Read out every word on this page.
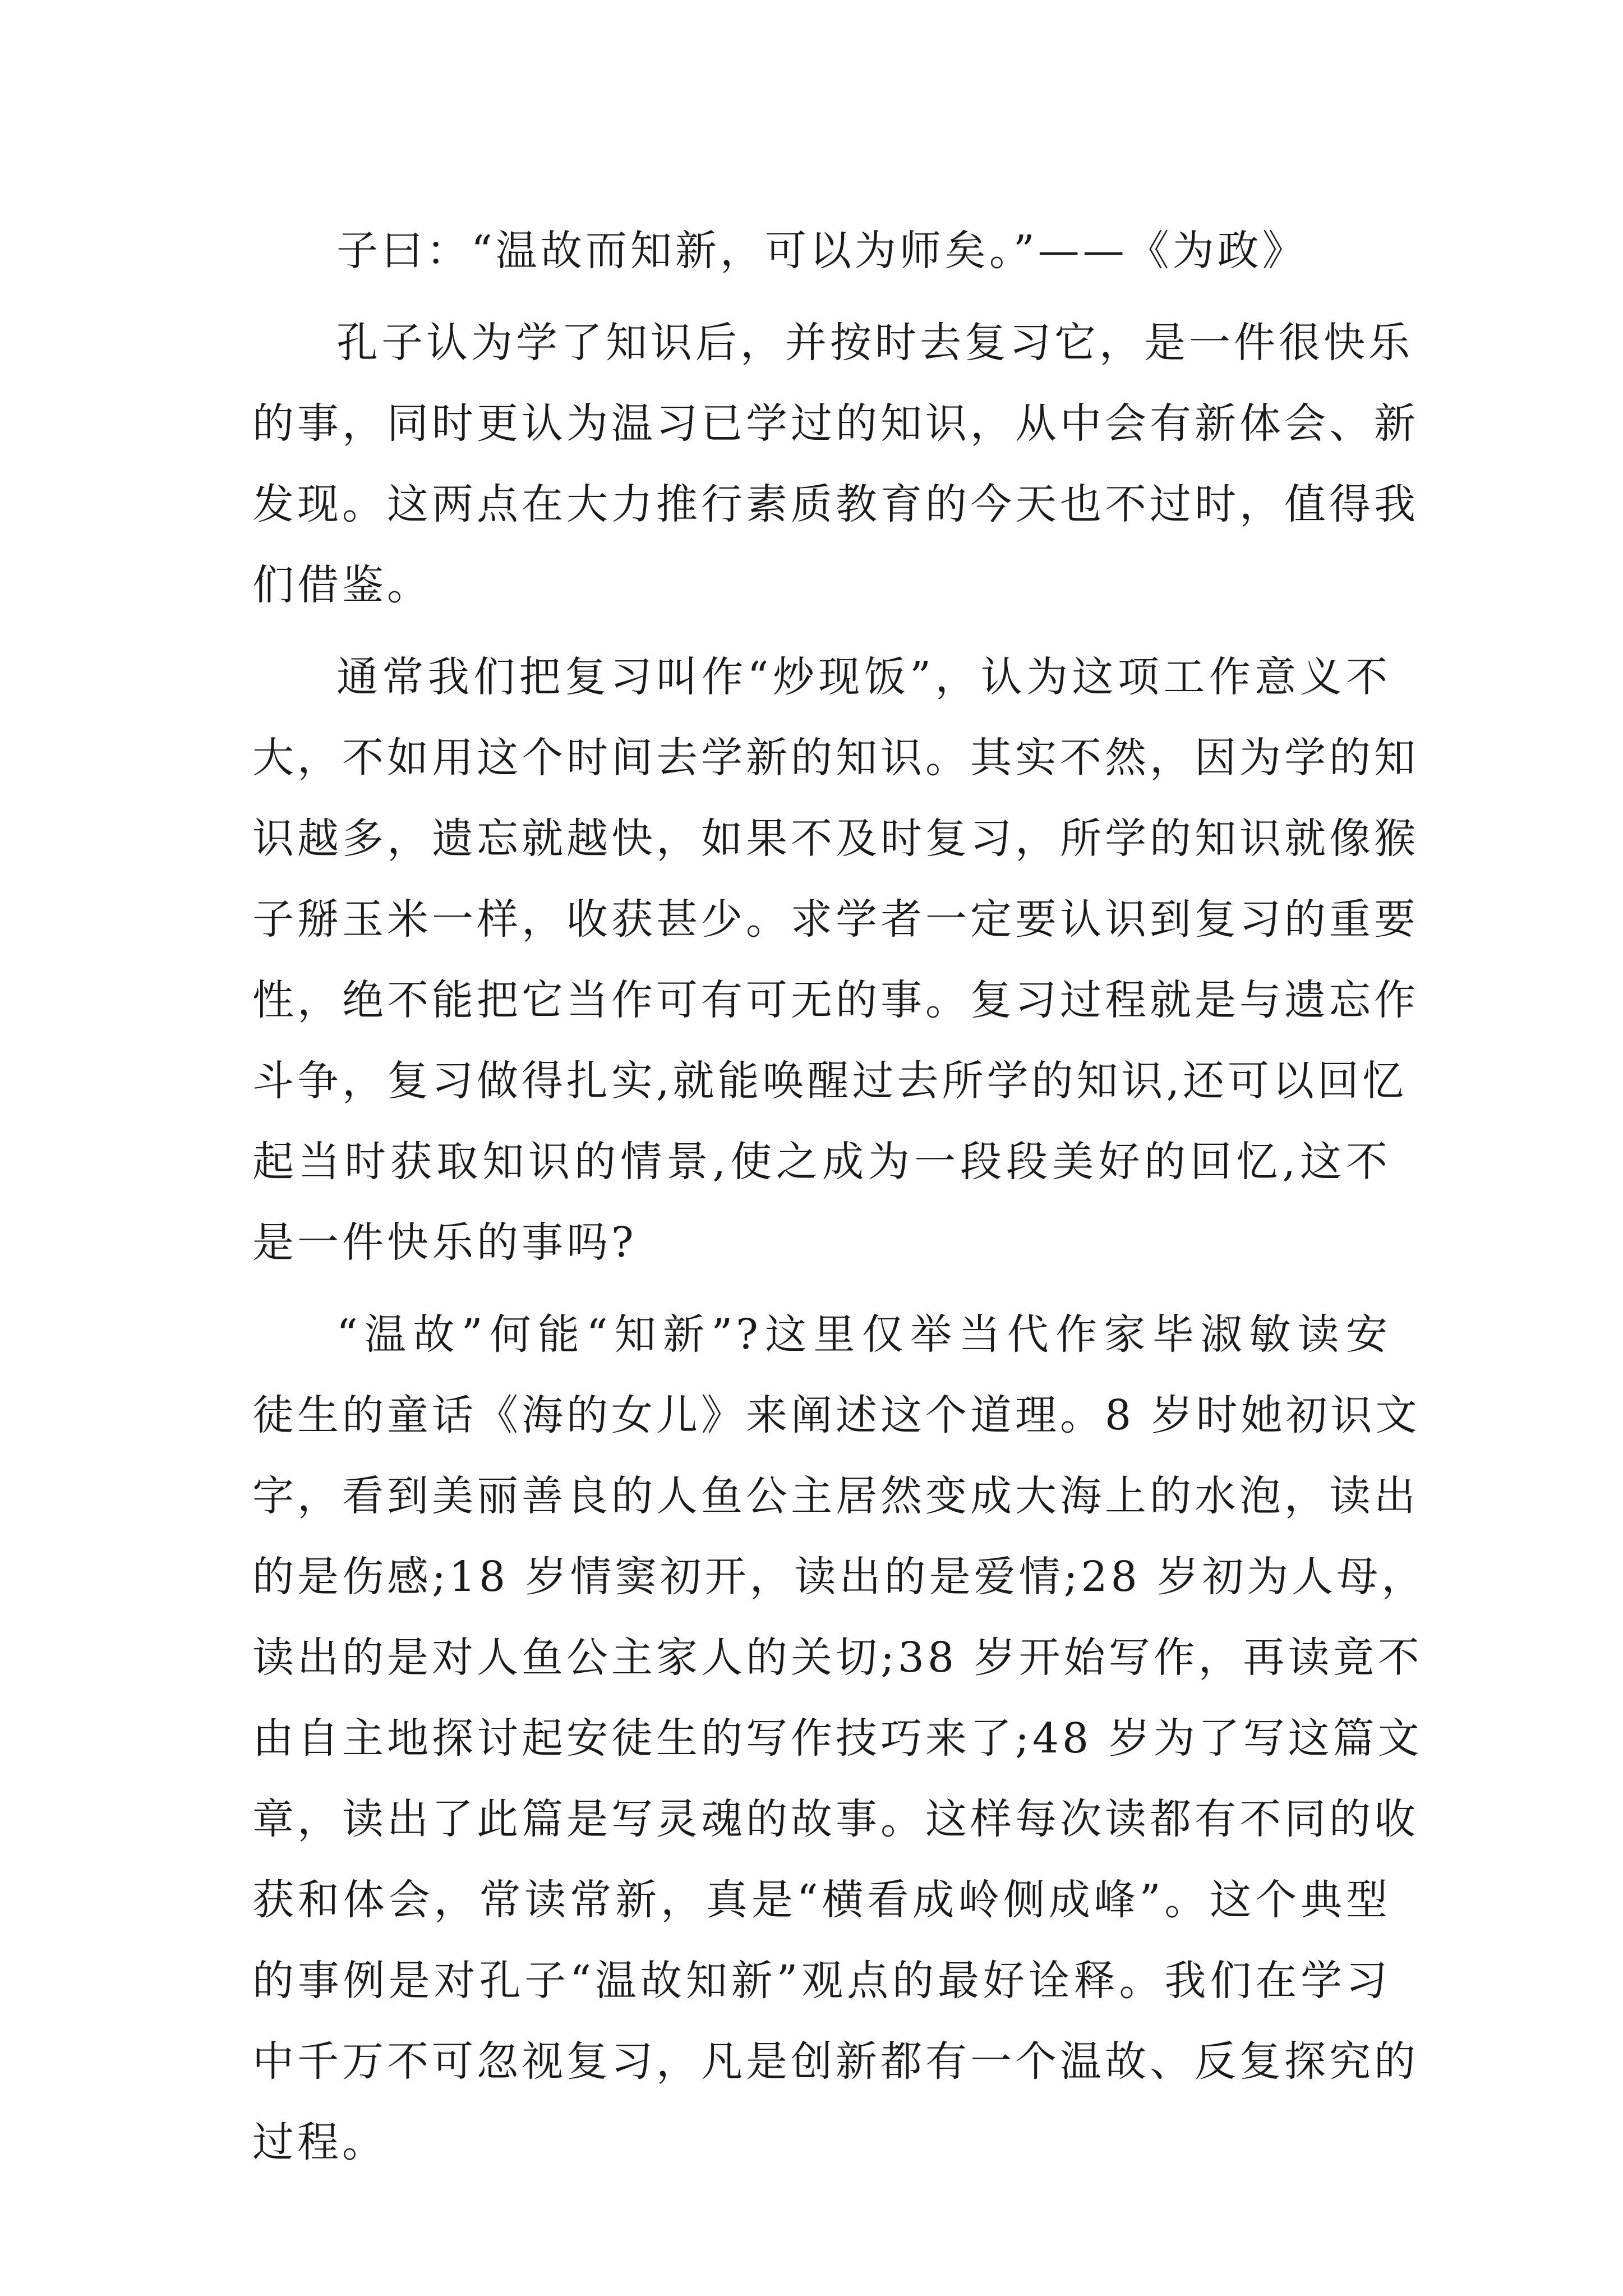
子曰：“温故而知新，可以为师矣。”——《为政》
孔子认为学了知识后，并按时去复习它，是一件很快乐
的事，同时更认为温习已学过的知识，从中会有新体会、新
发现。这两点在大力推行素质教育的今天也不过时，值得我
们借鉴。
通常我们把复习叫作“炒现饭”，认为这项工作意义不
大，不如用这个时间去学新的知识。其实不然，因为学的知
识越多，遗忘就越快，如果不及时复习，所学的知识就像猴
子掰玉米一样，收获甚少。求学者一定要认识到复习的重要
性，绝不能把它当作可有可无的事。复习过程就是与遗忘作
斗争，复习做得扎实,就能唤醒过去所学的知识,还可以回忆
起当时获取知识的情景,使之成为一段段美好的回忆,这不
是一件快乐的事吗?
“温故”何能“知新”?这里仅举当代作家毕淑敏读安
徒生的童话《海的女儿》来阐述这个道理。8 岁时她初识文
字，看到美丽善良的人鱼公主居然变成大海上的水泡，读出
的是伤感;18 岁情窦初开，读出的是爱情;28 岁初为人母，
读出的是对人鱼公主家人的关切;38 岁开始写作，再读竟不
由自主地探讨起安徒生的写作技巧来了;48 岁为了写这篇文
章，读出了此篇是写灵魂的故事。这样每次读都有不同的收
获和体会，常读常新，真是“横看成岭侧成峰”。这个典型
的事例是对孔子“温故知新”观点的最好诠释。我们在学习
中千万不可忽视复习，凡是创新都有一个温故、反复探究的
过程。
